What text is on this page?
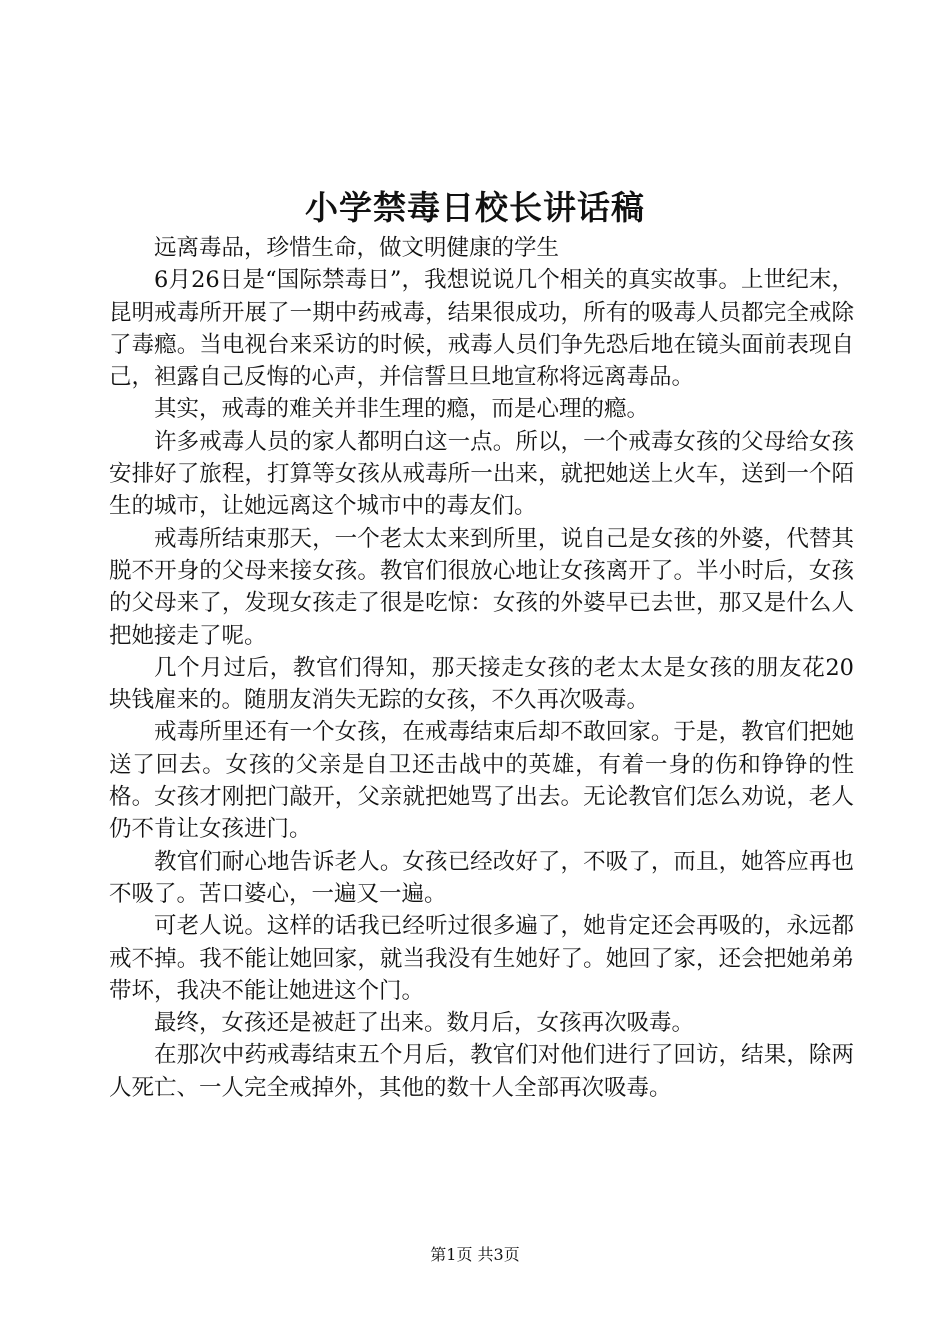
小学禁毒日校长讲话稿

远离毒品，珍惜生命，做文明健康的学生

6月26日是“国际禁毒日”，我想说说几个相关的真实故事。上世纪末，昆明戒毒所开展了一期中药戒毒，结果很成功，所有的吸毒人员都完全戒除了毒瘾。当电视台来采访的时候，戒毒人员们争先恐后地在镜头面前表现自己，袒露自己反悔的心声，并信誓旦旦地宣称将远离毒品。

其实，戒毒的难关并非生理的瘾，而是心理的瘾。

许多戒毒人员的家人都明白这一点。所以，一个戒毒女孩的父母给女孩安排好了旅程，打算等女孩从戒毒所一出来，就把她送上火车，送到一个陌生的城市，让她远离这个城市中的毒友们。

戒毒所结束那天，一个老太太来到所里，说自己是女孩的外婆，代替其脱不开身的父母来接女孩。教官们很放心地让女孩离开了。半小时后，女孩的父母来了，发现女孩走了很是吃惊：女孩的外婆早已去世，那又是什么人把她接走了呢。

几个月过后，教官们得知，那天接走女孩的老太太是女孩的朋友花20块钱雇来的。随朋友消失无踪的女孩，不久再次吸毒。

戒毒所里还有一个女孩，在戒毒结束后却不敢回家。于是，教官们把她送了回去。女孩的父亲是自卫还击战中的英雄，有着一身的伤和铮铮的性格。女孩才刚把门敲开，父亲就把她骂了出去。无论教官们怎么劝说，老人仍不肯让女孩进门。

教官们耐心地告诉老人。女孩已经改好了，不吸了，而且，她答应再也不吸了。苦口婆心，一遍又一遍。

可老人说。这样的话我已经听过很多遍了，她肯定还会再吸的，永远都戒不掉。我不能让她回家，就当我没有生她好了。她回了家，还会把她弟弟带坏，我决不能让她进这个门。

最终，女孩还是被赶了出来。数月后，女孩再次吸毒。

在那次中药戒毒结束五个月后，教官们对他们进行了回访，结果，除两人死亡、一人完全戒掉外，其他的数十人全部再次吸毒。

第1页 共3页
